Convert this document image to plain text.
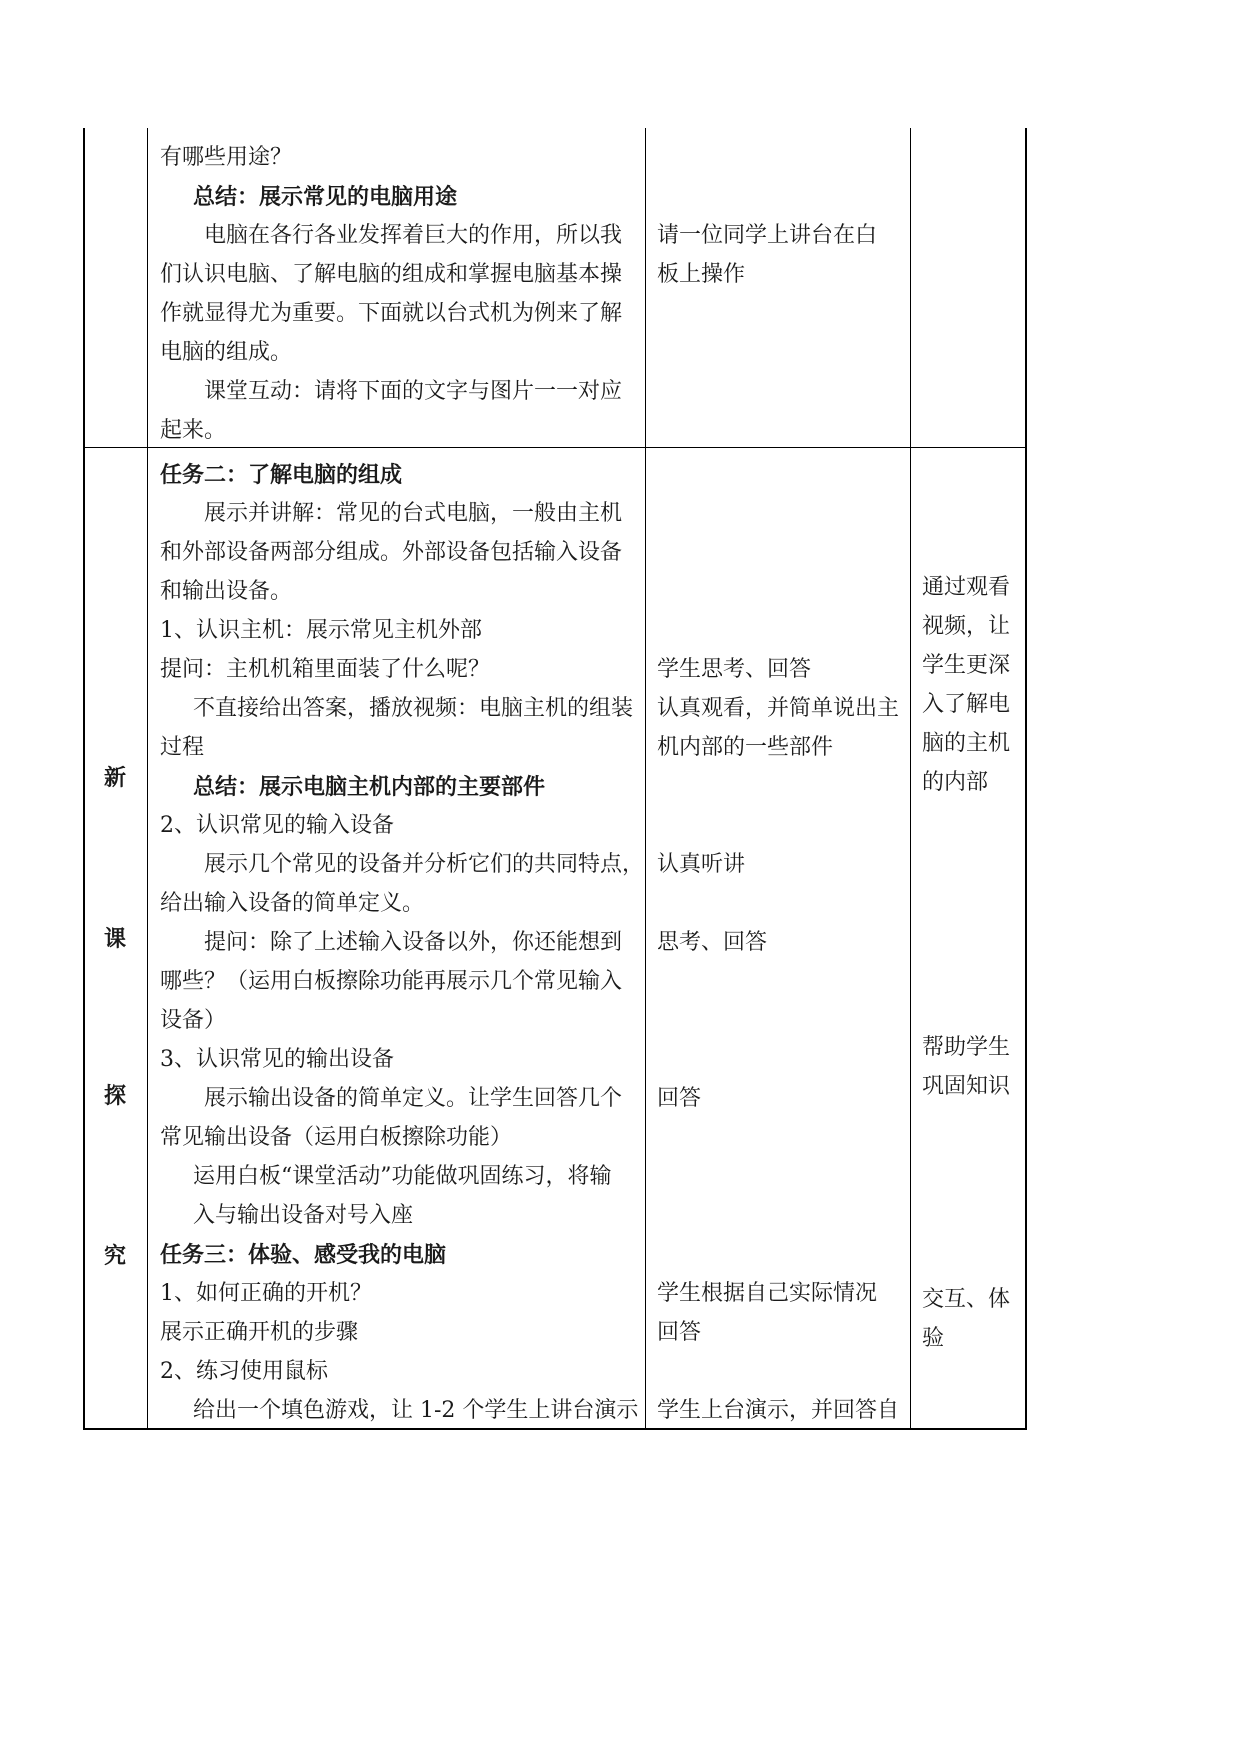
有哪些用途？
总结：展示常见的电脑用途
电脑在各行各业发挥着巨大的作用，所以我
们认识电脑、了解电脑的组成和掌握电脑基本操
作就显得尤为重要。下面就以台式机为例来了解
电脑的组成。
课堂互动：请将下面的文字与图片一一对应
起来。
请一位同学上讲台在白
板上操作
新
课
探
究
任务二：了解电脑的组成
展示并讲解：常见的台式电脑，一般由主机
和外部设备两部分组成。外部设备包括输入设备
和输出设备。
1、认识主机：展示常见主机外部
提问：主机机箱里面装了什么呢？
不直接给出答案，播放视频：电脑主机的组装
过程
总结：展示电脑主机内部的主要部件
2、认识常见的输入设备
展示几个常见的设备并分析它们的共同特点，
给出输入设备的简单定义。
提问：除了上述输入设备以外，你还能想到
哪些？（运用白板擦除功能再展示几个常见输入
设备）
3、认识常见的输出设备
展示输出设备的简单定义。让学生回答几个
常见输出设备（运用白板擦除功能）
运用白板“课堂活动”功能做巩固练习，将输
入与输出设备对号入座
任务三：体验、感受我的电脑
1、如何正确的开机？
展示正确开机的步骤
2、练习使用鼠标
给出一个填色游戏，让 1-2 个学生上讲台演示
学生思考、回答
认真观看，并简单说出主
机内部的一些部件
认真听讲
思考、回答
回答
学生根据自己实际情况
回答
学生上台演示，并回答自
通过观看
视频，让
学生更深
入了解电
脑的主机
的内部
帮助学生
巩固知识
交互、体
验
